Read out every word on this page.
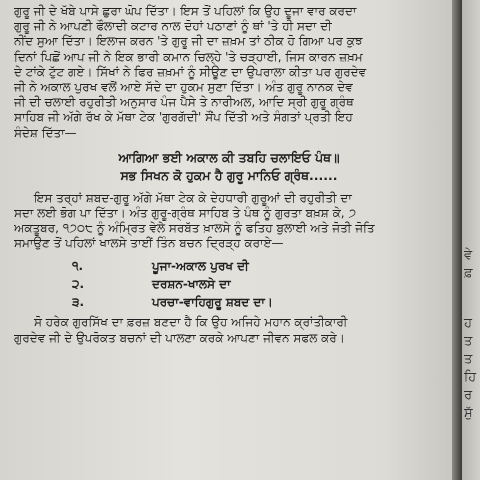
ਗੁਰੂ ਜੀ ਦੇ ਖੱਬੇ ਪਾਸੇ ਛੁਰਾ ਘੋਪ ਦਿੱਤਾ। ਇਸ ਤੋਂ ਪਹਿਲਾਂ ਕਿ ਉਹ ਦੂਜਾ ਵਾਰ ਕਰਦਾ
ਗੁਰੂ ਜੀ ਨੇ ਆਪਣੀ ਫੌਲਾਦੀ ਕਟਾਰ ਨਾਲ ਦੋਹਾਂ ਪਠਾਣਾਂ ਨੂੰ ਥਾਂ 'ਤੇ ਹੀ ਸਦਾ ਦੀ
ਨੀਂਦ ਸੁਆ ਦਿੱਤਾ। ਇਲਾਜ ਕਰਨ 'ਤੇ ਗੁਰੂ ਜੀ ਦਾ ਜ਼ਖ਼ਮ ਤਾਂ ਠੀਕ ਹੋ ਗਿਆ ਪਰ ਕੁਝ
ਦਿਨਾਂ ਪਿਛੋਂ ਆਪ ਜੀ ਨੇ ਇਕ ਭਾਰੀ ਕਮਾਨ ਚਿਲ੍ਹੇ 'ਤੇ ਚੜ੍ਹਾਈ, ਜਿਸ ਕਾਰਨ ਜ਼ਖ਼ਮ
ਦੇ ਟਾਂਕੇ ਟੁੱਟ ਗਏ। ਸਿੱਖਾਂ ਨੇ ਫਿਰ ਜ਼ਖ਼ਮਾਂ ਨੂੰ ਸੀਊਣ ਦਾ ਉਪਰਾਲਾ ਕੀਤਾ ਪਰ ਗੁਰਦੇਵ
ਜੀ ਨੇ ਅਕਾਲ ਪੁਰਖ ਵਲੋਂ ਆਏ ਸੱਦੇ ਦਾ ਹੁਕਮ ਸੁਣਾ ਦਿੱਤਾ। ਅੰਤ ਗੁਰੂ ਨਾਨਕ ਦੇਵ
ਜੀ ਦੀ ਚਲਾਈ ਰਹੁਰੀਤੀ ਅਨੁਸਾਰ ਪੰਜ ਪੈਸੇ ਤੇ ਨਾਰੀਅਲ, ਆਦਿ ਸ੍ਰੀ ਗੁਰੂ ਗ੍ਰੰਥ
ਸਾਹਿਬ ਜੀ ਅੱਗੇ ਰੱਖ ਕੇ ਮੱਥਾ ਟੇਕ 'ਗੁਰਗੱਦੀ' ਸੌਂਪ ਦਿੱਤੀ ਅਤੇ ਸੰਗਤਾਂ ਪ੍ਰਤੀ ਇਹ
ਸੰਦੇਸ਼ ਦਿੱਤਾ—
ਆਗਿਆ ਭਈ ਅਕਾਲ ਕੀ ਤਬਹਿ ਚਲਾਇਓ ਪੰਥ॥
ਸਭ ਸਿਖਨ ਕੋ ਹੁਕਮ ਹੈ ਗੁਰੂ ਮਾਨਿਓ ਗ੍ਰੰਥ......
ਇਸ ਤਰ੍ਹਾਂ ਸ਼ਬਦ-ਗੁਰੂ ਅੱਗੇ ਮੱਥਾ ਟੇਕ ਕੇ ਦੇਹਧਾਰੀ ਗੁਰੂਆਂ ਦੀ ਰਹੁਰੀਤੀ ਦਾ
ਸਦਾ ਲਈ ਭੋਗ ਪਾ ਦਿੱਤਾ। ਅੰਤ ਗੁਰੂ-ਗ੍ਰੰਥ ਸਾਹਿਬ ਤੇ ਪੰਥ ਨੂੰ ਗੁਰਤਾ ਬਖ਼ਸ਼ ਕੇ, ੭
ਅਕਤੂਬਰ, ੧੭੦੮ ਨੂੰ ਅੰਮ੍ਰਿਤ ਵੇਲੇ ਸਰਬੱਤ ਖ਼ਾਲਸੇ ਨੂੰ ਫਤਿਹ ਬੁਲਾਈ ਅਤੇ ਜੋਤੀ ਜੋਤਿ
ਸਮਾਉਣ ਤੋਂ ਪਹਿਲਾਂ ਖਾਲਸੇ ਤਾਈਂ ਤਿੰਨ ਬਚਨ ਦ੍ਰਿੜ੍ਹ ਕਰਾਏ—
੧.	ਪੂਜਾ-ਅਕਾਲ ਪੁਰਖ ਦੀ
੨.	ਦਰਸ਼ਨ-ਖਾਲਸੇ ਦਾ
੩.	ਪਰਚਾ-ਵਾਹਿਗੁਰੂ ਸ਼ਬਦ ਦਾ।
ਸੋ ਹਰੇਕ ਗੁਰਸਿੱਖ ਦਾ ਫ਼ਰਜ਼ ਬਣਦਾ ਹੈ ਕਿ ਉਹ ਅਜਿਹੇ ਮਹਾਨ ਕ੍ਰਾਂਤੀਕਾਰੀ
ਗੁਰਦੇਵ ਜੀ ਦੇ ਉਪਰੋਕਤ ਬਚਨਾਂ ਦੀ ਪਾਲਣਾ ਕਰਕੇ ਆਪਣਾ ਜੀਵਨ ਸਫਲ ਕਰੇ।
ਵੇ
ਫ਼
ਹ
ਤ
ਤ
ਹਿ
ਰ
ਸੁੱ
